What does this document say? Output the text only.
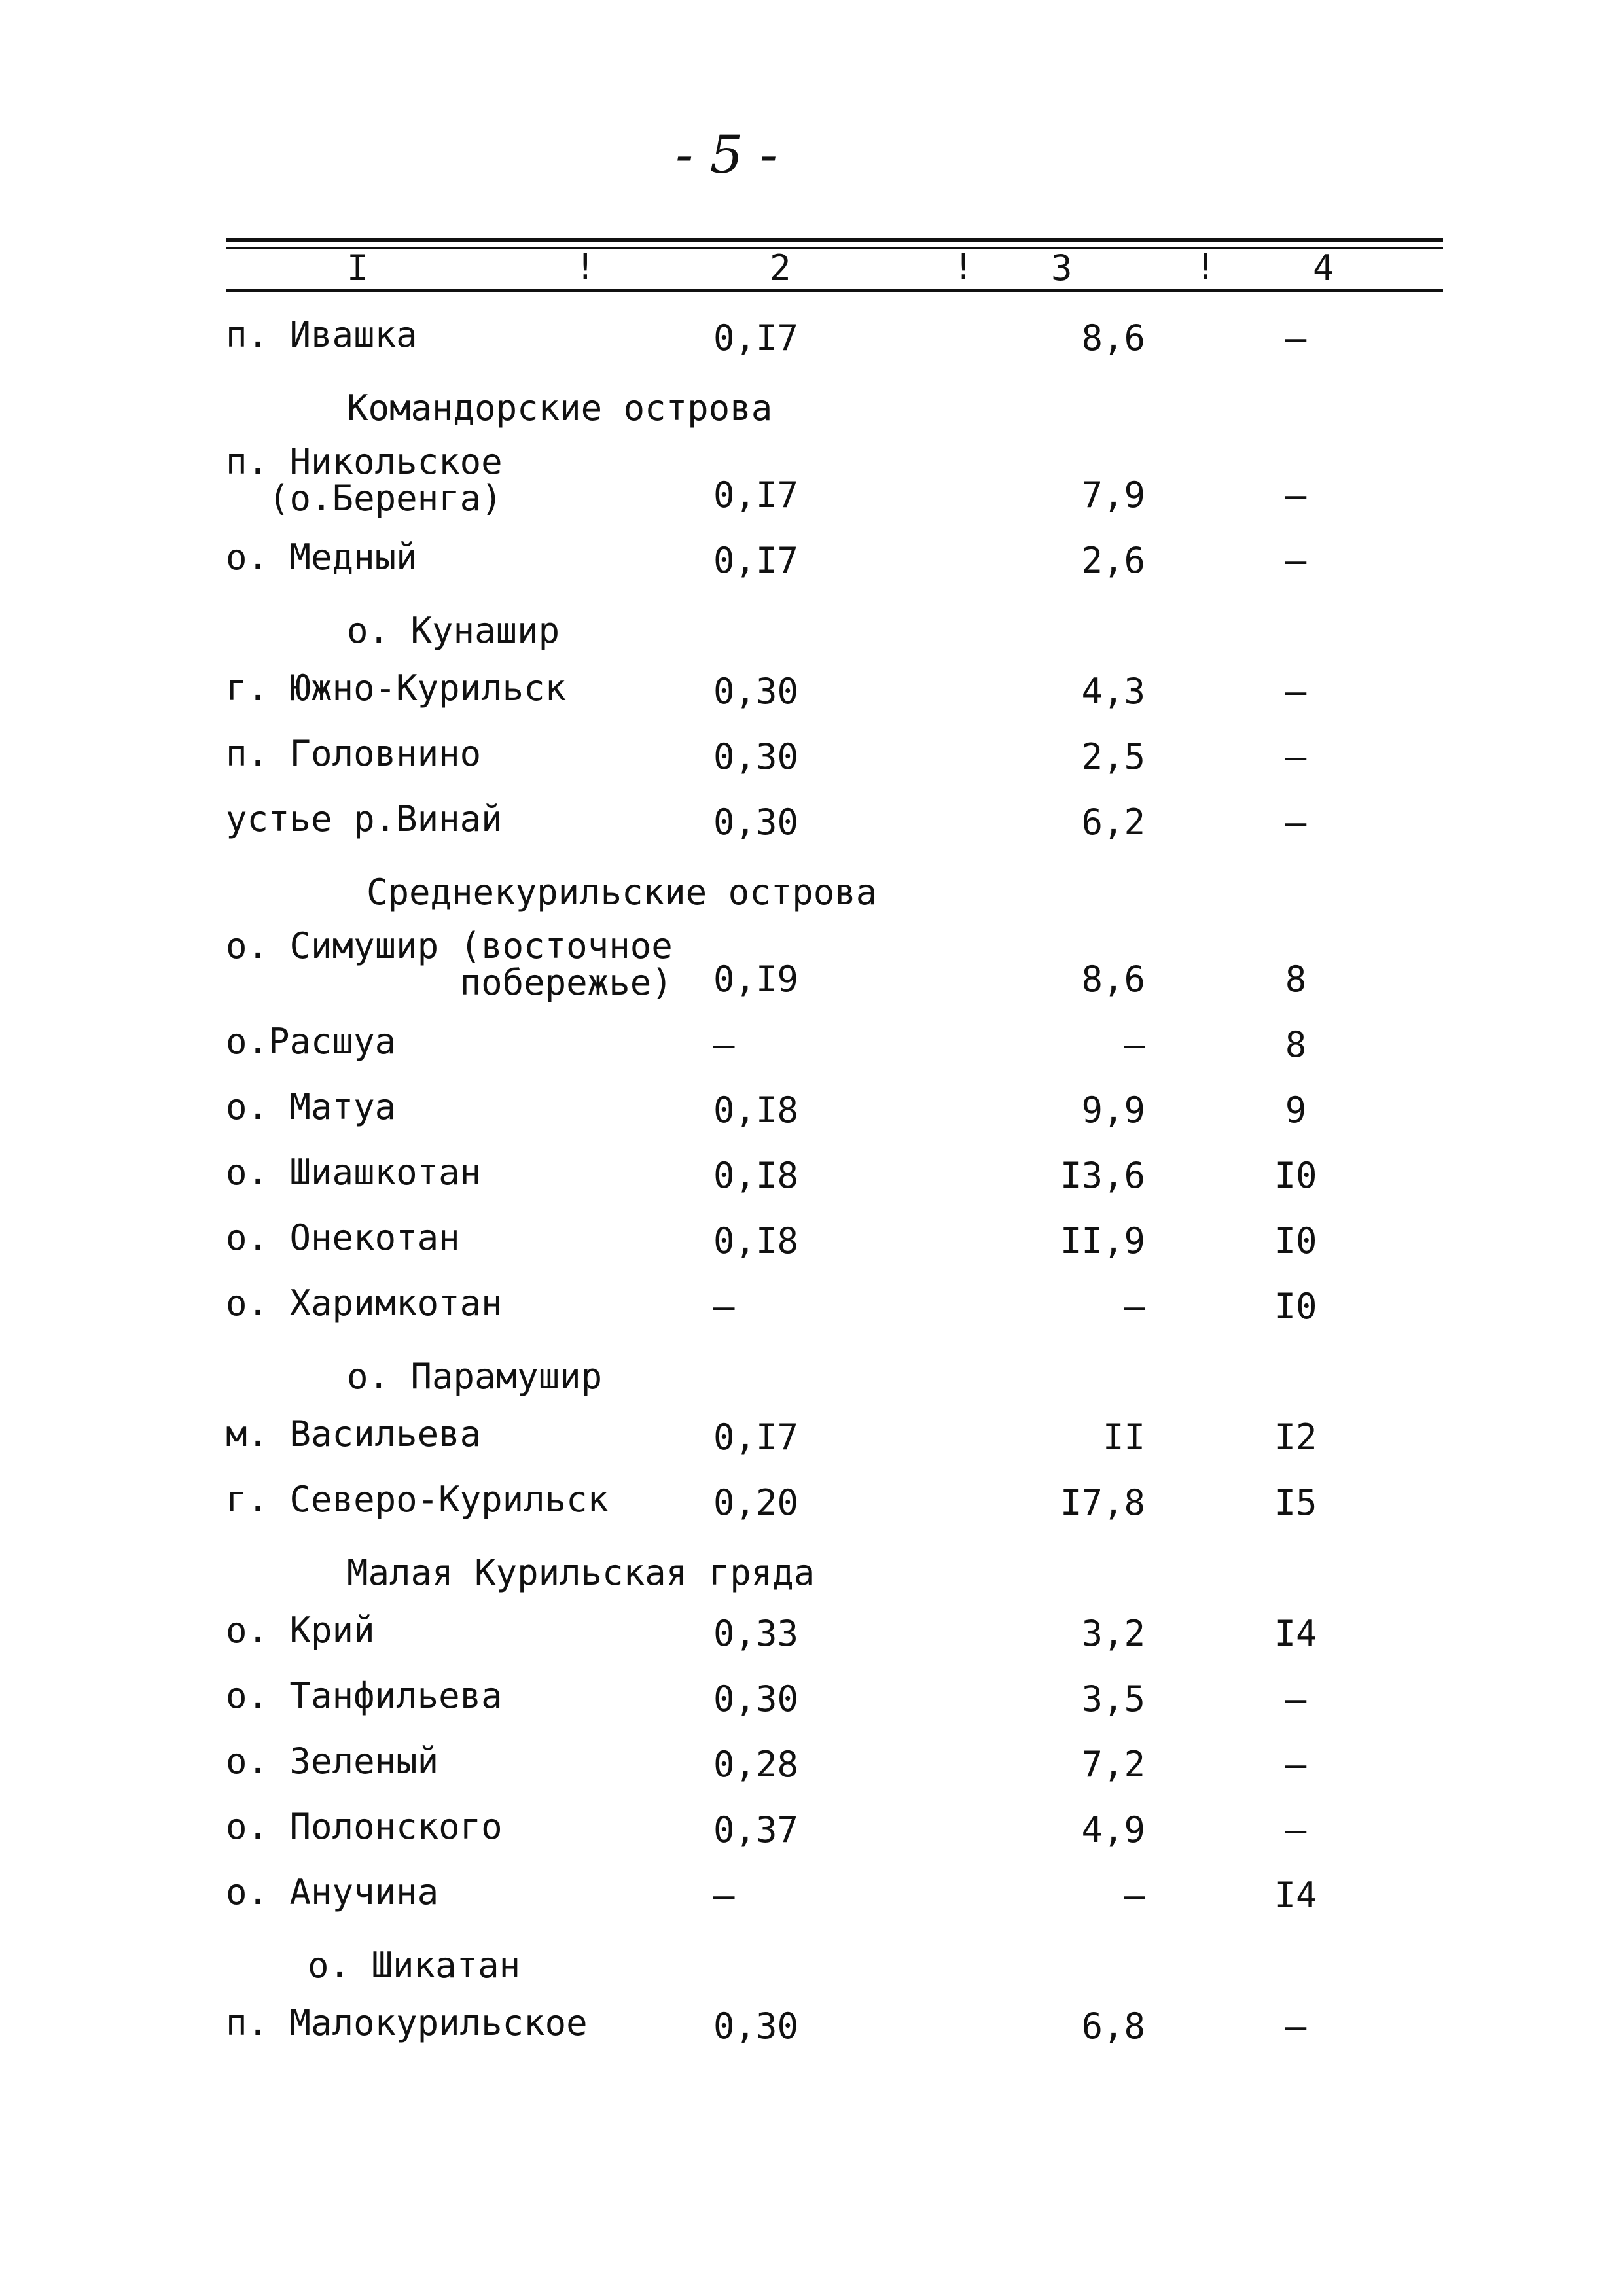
- 5 -
I	!	2	! 3	!	4
п. Ивашка	0,I7	8,6	–
Командорские острова
п. Никольское
(о.Беренга)	0,I7	7,9	–
о. Медный	0,I7	2,6	–
о. Кунашир
г. Южно-Курильск	0,30	4,3	–
п. Головнино	0,30	2,5	–
устье р.Винай	0,30	6,2	–
Среднекурильские острова
о. Симушир (восточное
побережье) 0,I9	8,6	8
о.Расшуа	–	–	8
о. Матуа	0,I8	9,9	9
о. Шиашкотан	0,I8	I3,6	I0
о. Онекотан	0,I8	II,9	I0
о. Харимкотан	–	–	I0
о. Парамушир
м. Васильева	0,I7	II	I2
г. Северо-Курильск	0,20	I7,8	I5
Малая Курильская гряда
о. Крий	0,33	3,2	I4
о. Танфильева	0,30	3,5	–
о. Зеленый	0,28	7,2	–
о. Полонского	0,37	4,9	–
о. Анучина	–	–	I4
о. Шикатан
п. Малокурильское	0,30	6,8	–
